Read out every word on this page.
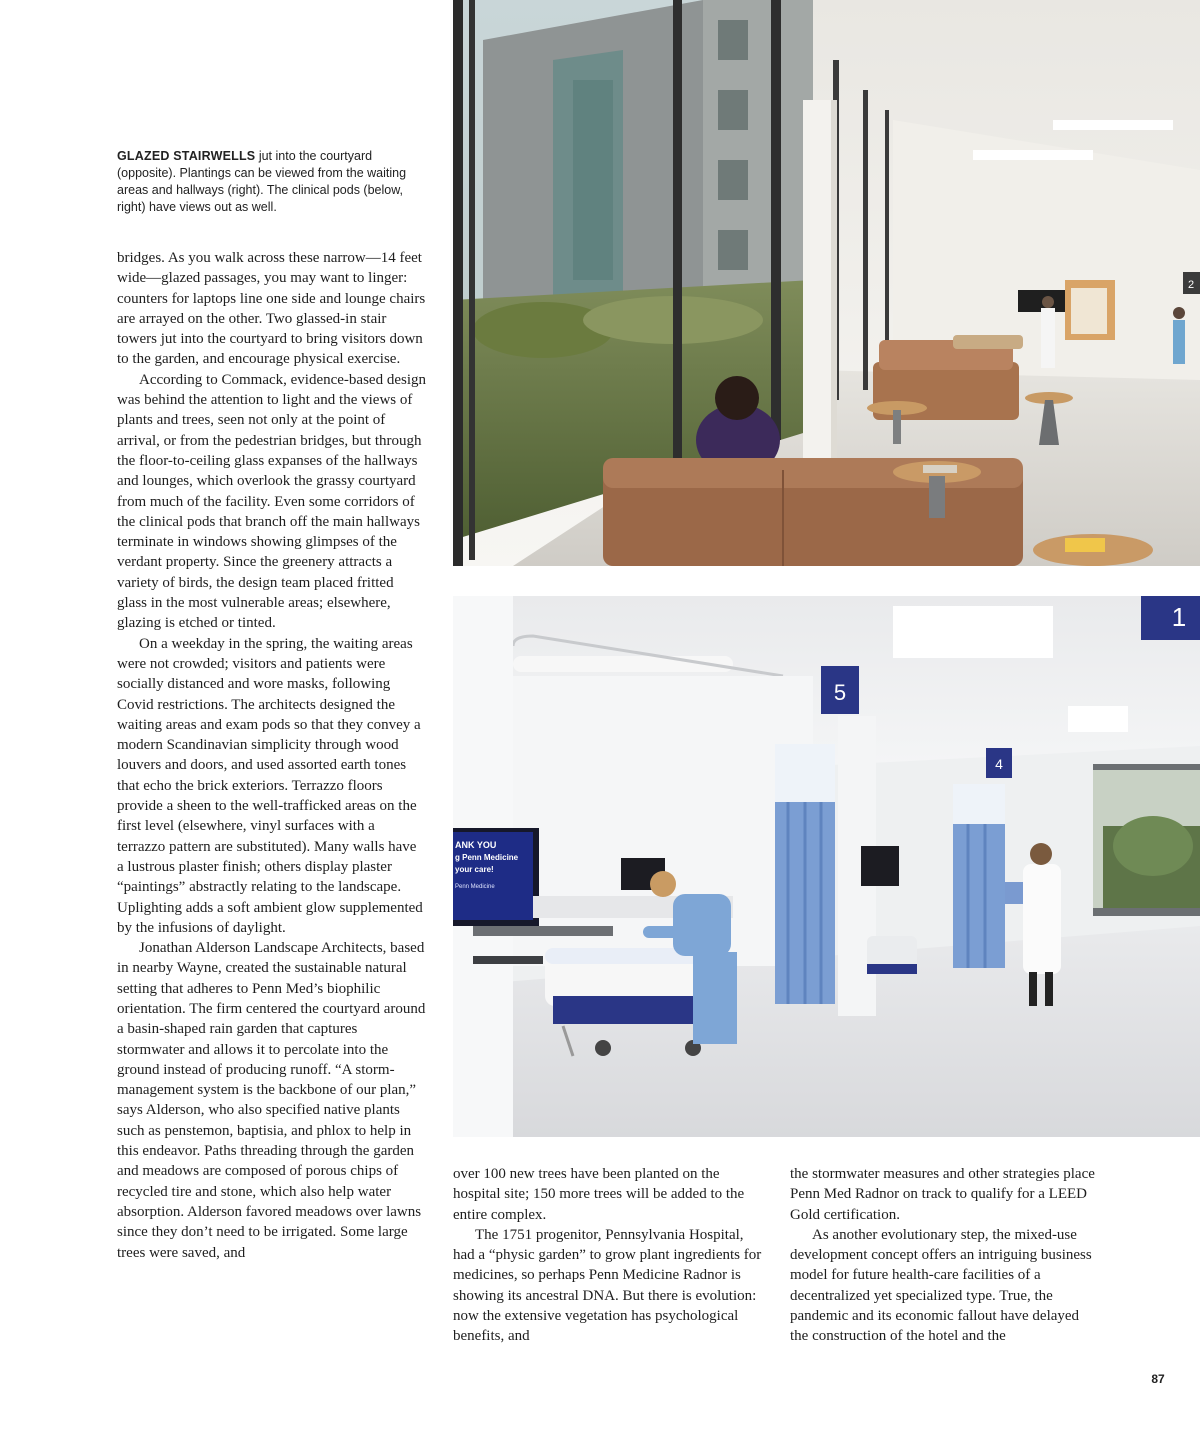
GLAZED STAIRWELLS jut into the courtyard (opposite). Plantings can be viewed from the waiting areas and hallways (right). The clinical pods (below, right) have views out as well.

bridges. As you walk across these narrow—14 feet wide—glazed passages, you may want to linger: counters for laptops line one side and lounge chairs are arrayed on the other. Two glassed-in stair towers jut into the courtyard to bring visitors down to the garden, and encourage physical exercise.

According to Commack, evidence-based design was behind the attention to light and the views of plants and trees, seen not only at the point of arrival, or from the pedestrian bridges, but through the floor-to-ceiling glass expanses of the hallways and lounges, which overlook the grassy courtyard from much of the facility. Even some corridors of the clinical pods that branch off the main hallways terminate in windows showing glimpses of the verdant property. Since the greenery attracts a variety of birds, the design team placed fritted glass in the most vulnerable areas; elsewhere, glazing is etched or tinted.

On a weekday in the spring, the waiting areas were not crowded; visitors and patients were socially distanced and wore masks, following Covid restrictions. The architects designed the waiting areas and exam pods so that they convey a modern Scandinavian simplicity through wood louvers and doors, and used assorted earth tones that echo the brick exteriors. Terrazzo floors provide a sheen to the well-trafficked areas on the first level (elsewhere, vinyl surfaces with a terrazzo pattern are substituted). Many walls have a lustrous plaster finish; others display plaster “paintings” abstractly relating to the landscape. Uplighting adds a soft ambient glow supplemented by the infusions of daylight.

Jonathan Alderson Landscape Architects, based in nearby Wayne, created the sustainable natural setting that adheres to Penn Med’s biophilic orientation. The firm centered the courtyard around a basin-shaped rain garden that captures stormwater and allows it to percolate into the ground instead of producing runoff. “A storm-management system is the backbone of our plan,” says Alderson, who also specified native plants such as penstemon, baptisia, and phlox to help in this endeavor. Paths threading through the garden and meadows are composed of porous chips of recycled tire and stone, which also help water absorption. Alderson favored meadows over lawns since they don’t need to be irrigated. Some large trees were saved, and

over 100 new trees have been planted on the hospital site; 150 more trees will be added to the entire complex.

The 1751 progenitor, Pennsylvania Hospital, had a “physic garden” to grow plant ingredients for medicines, so perhaps Penn Medicine Radnor is showing its ancestral DNA. But there is evolution: now the extensive vegetation has psychological benefits, and

the stormwater measures and other strategies place Penn Med Radnor on track to qualify for a LEED Gold certification.

As another evolutionary step, the mixed-use development concept offers an intriguing business model for future health-care facilities of a decentralized yet specialized type. True, the pandemic and its economic fallout have delayed the construction of the hotel and the

2
5
4
1
ANK YOU
g Penn Medicine
your care!
Penn Medicine
87
